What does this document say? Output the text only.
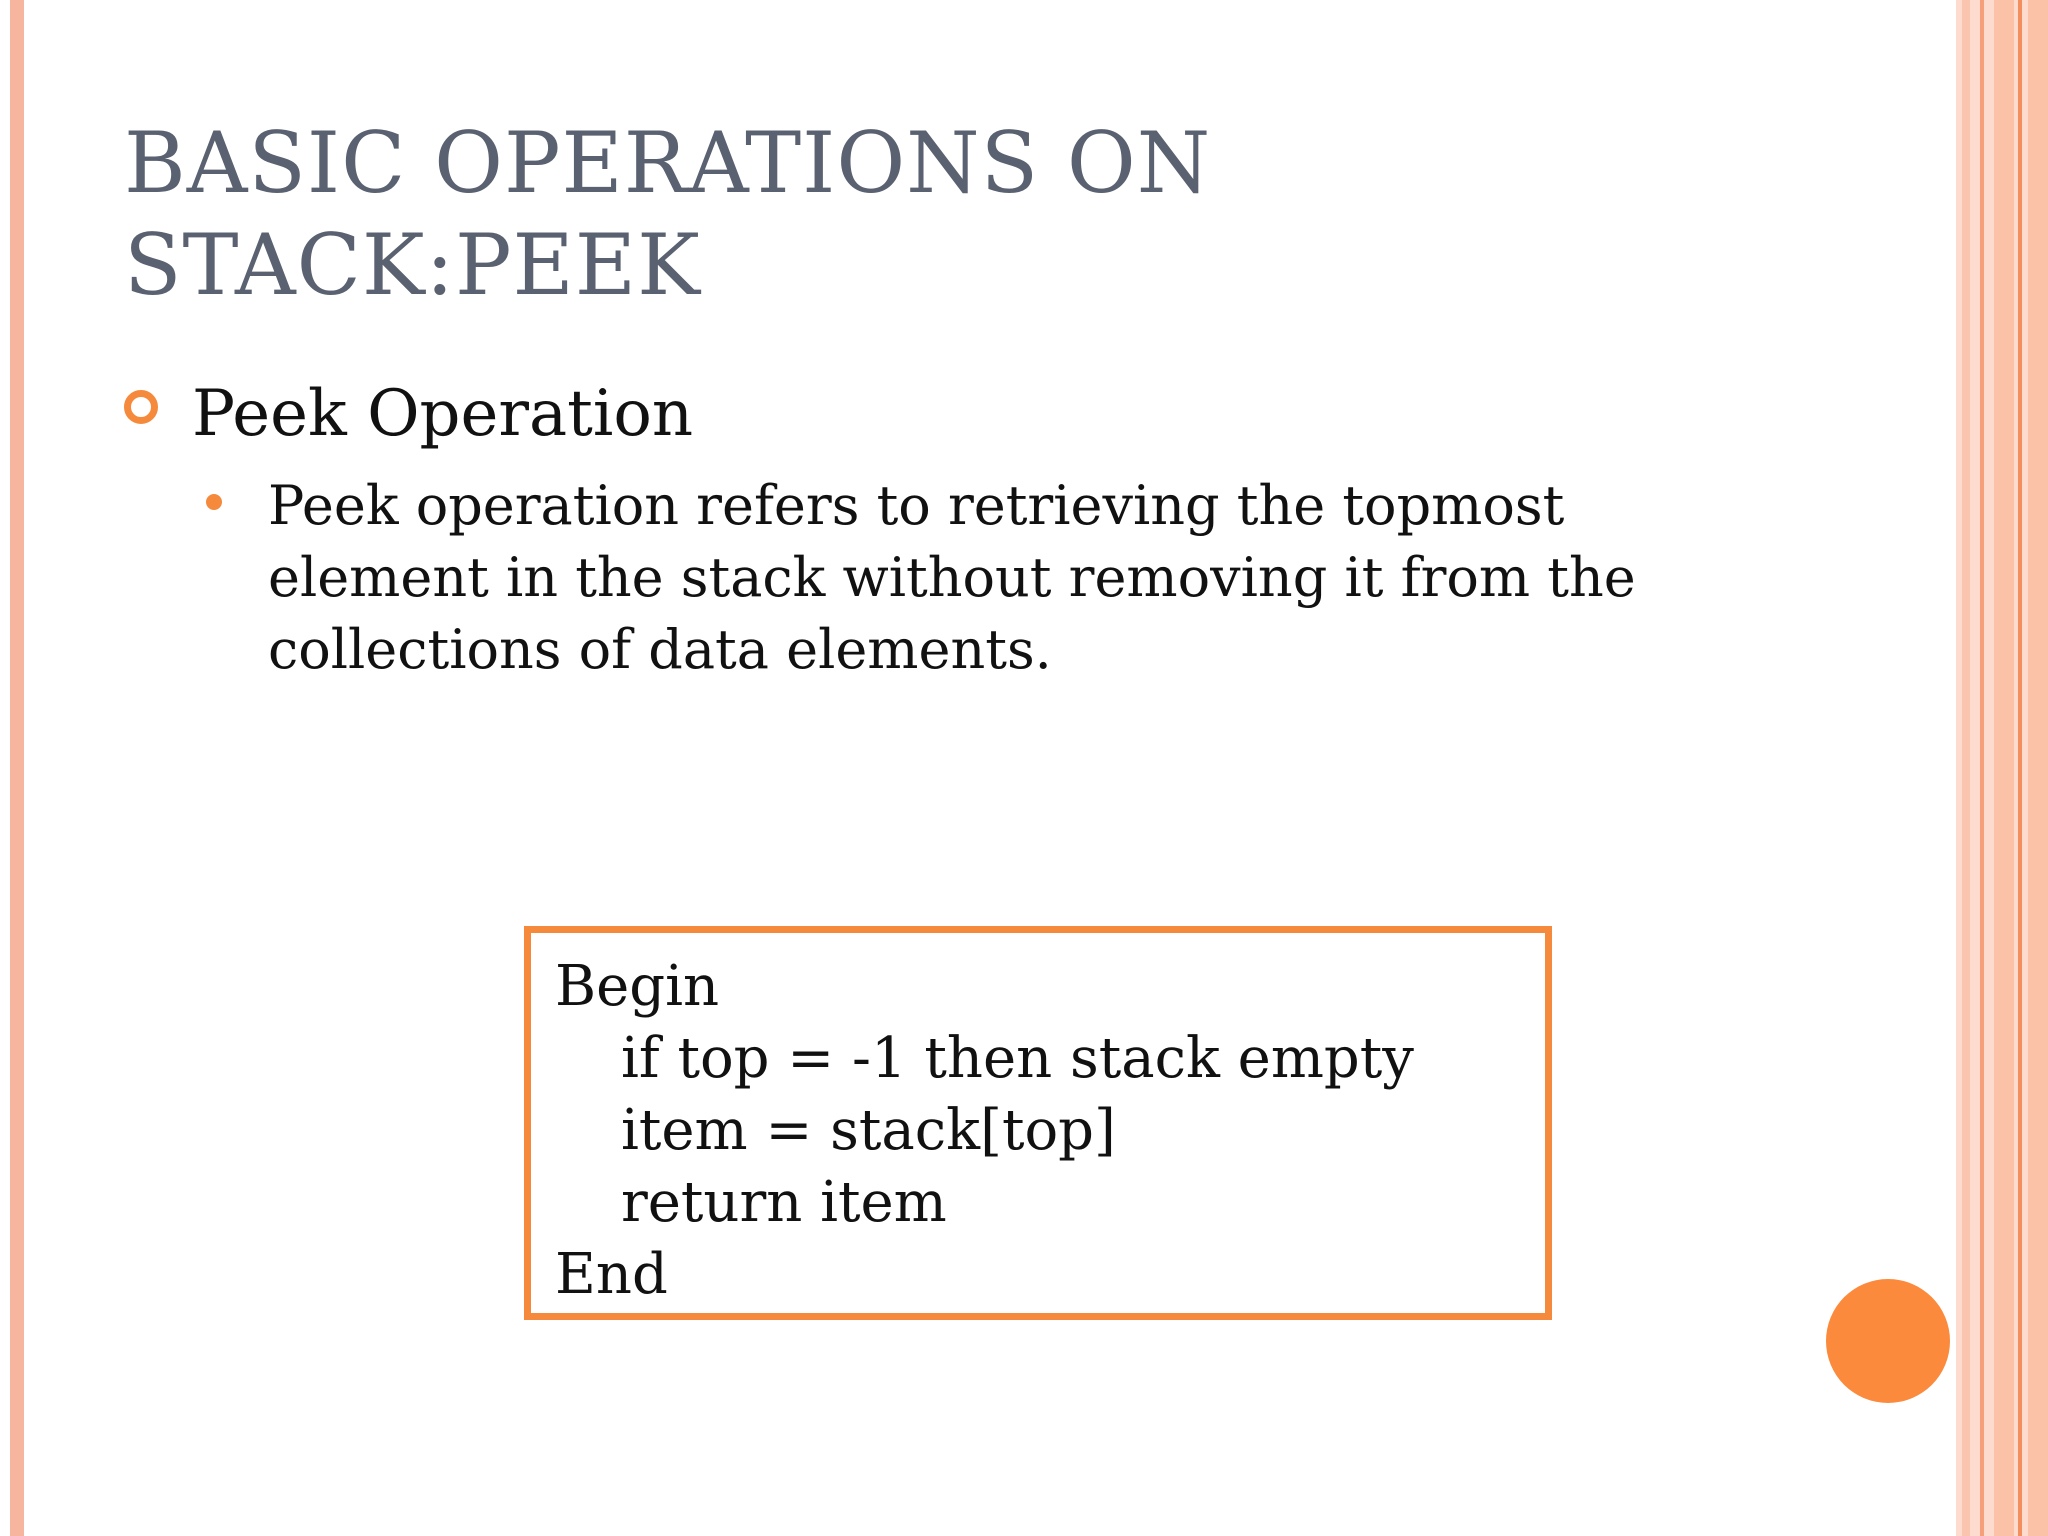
BASIC OPERATIONS ON
STACK:PEEK
Peek Operation
Peek operation refers to retrieving the topmost
element in the stack without removing it from the
collections of data elements.
Begin
if top = -1 then stack empty
item = stack[top]
return item
End
